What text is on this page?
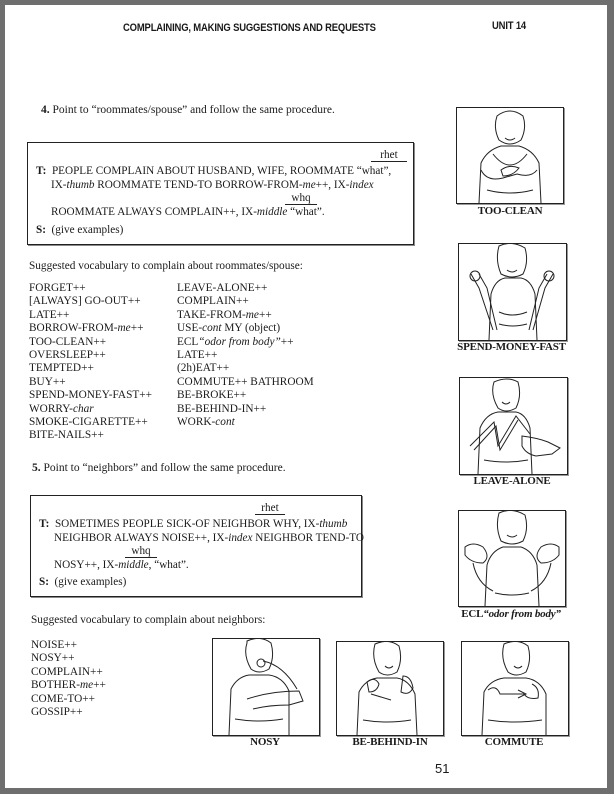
COMPLAINING, MAKING SUGGESTIONS AND REQUESTS	UNIT 14
4. Point to “roommates/spouse” and follow the same procedure.
rhet
T: PEOPLE COMPLAIN ABOUT HUSBAND, WIFE, ROOMMATE “what”,
IX-thumb ROOMMATE TEND-TO BORROW-FROM-me++, IX-index
whq
ROOMMATE ALWAYS COMPLAIN++, IX-middle “what”.
S: (give examples)
Suggested vocabulary to complain about roommates/spouse:
FORGET++
[ALWAYS] GO-OUT++
LATE++
BORROW-FROM-me++
TOO-CLEAN++
OVERSLEEP++
TEMPTED++
BUY++
SPEND-MONEY-FAST++
WORRY-char
SMOKE-CIGARETTE++
BITE-NAILS++
LEAVE-ALONE++
COMPLAIN++
TAKE-FROM-me++
USE-cont MY (object)
ECL“odor from body”++
LATE++
(2h)EAT++
COMMUTE++ BATHROOM
BE-BROKE++
BE-BEHIND-IN++
WORK-cont
5. Point to “neighbors” and follow the same procedure.
rhet
T: SOMETIMES PEOPLE SICK-OF NEIGHBOR WHY, IX-thumb
NEIGHBOR ALWAYS NOISE++, IX-index NEIGHBOR TEND-TO
whq
NOSY++, IX-middle, “what”.
S: (give examples)
Suggested vocabulary to complain about neighbors:
NOISE++
NOSY++
COMPLAIN++
BOTHER-me++
COME-TO++
GOSSIP++
TOO-CLEAN
SPEND-MONEY-FAST
LEAVE-ALONE
ECL“odor from body”
NOSY	BE-BEHIND-IN	COMMUTE
51
